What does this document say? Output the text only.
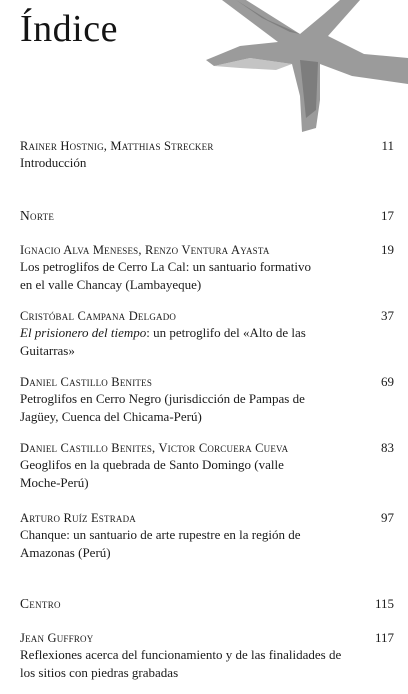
Índice
Rainer Hostnig, Matthias Strecker
Introducción
11
Norte	17
Ignacio Alva Meneses, Renzo Ventura Ayasta
Los petroglifos de Cerro La Cal: un santuario formativo en el valle Chancay (Lambayeque)
19
Cristóbal Campana Delgado
El prisionero del tiempo: un petroglifo del «Alto de las Guitarras»
37
Daniel Castillo Benites
Petroglifos en Cerro Negro (jurisdicción de Pampas de Jagüey, Cuenca del Chicama-Perú)
69
Daniel Castillo Benites, Victor Corcuera Cueva
Geoglifos en la quebrada de Santo Domingo (valle Moche-Perú)
83
Arturo Ruíz Estrada
Chanque: un santuario de arte rupestre en la región de Amazonas (Perú)
97
Centro	115
Jean Guffroy
Reflexiones acerca del funcionamiento y de las finalidades de los sitios con piedras grabadas
117
